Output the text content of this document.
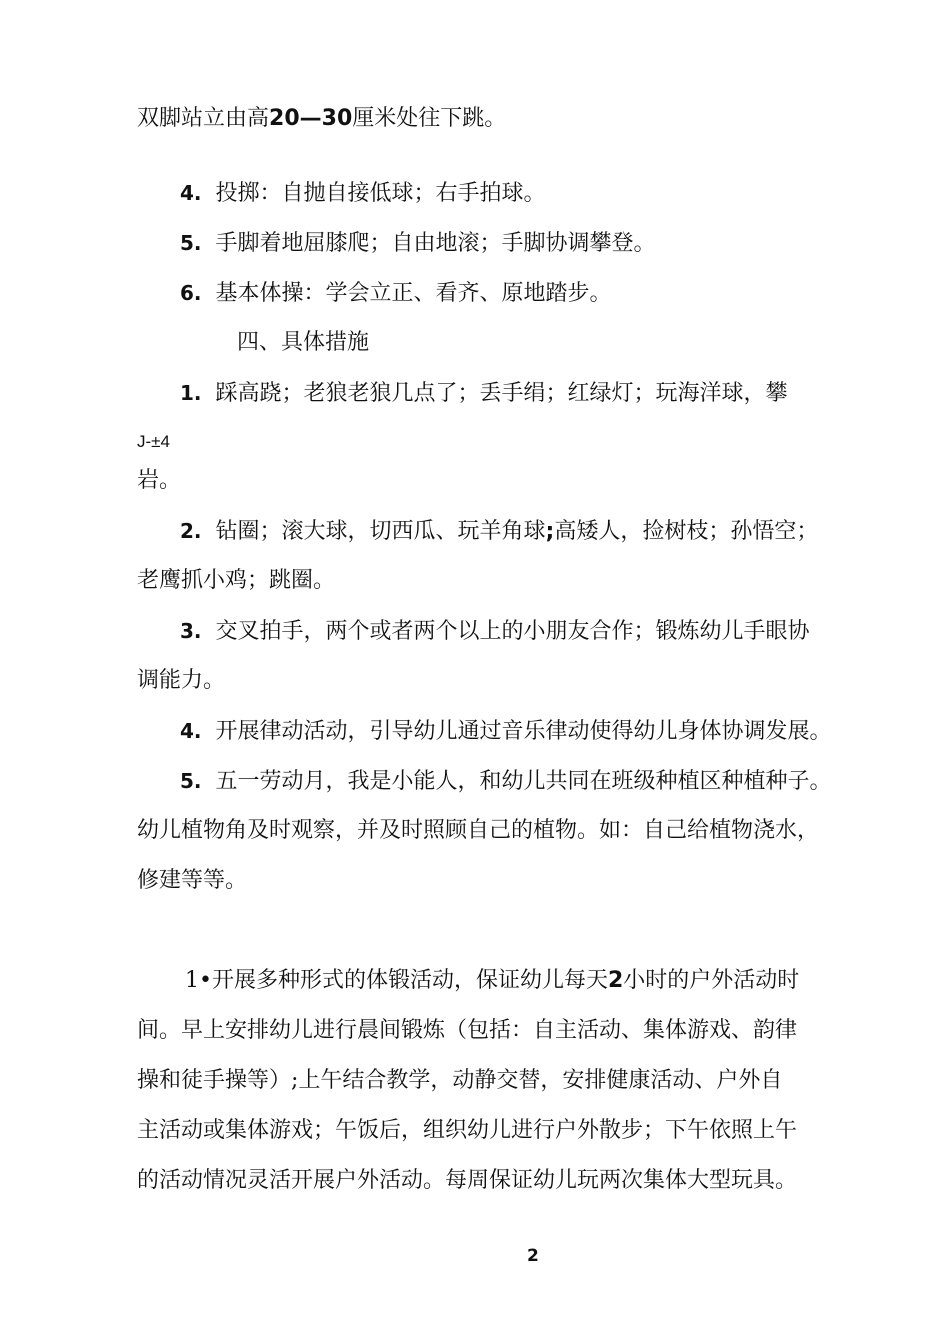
双脚站立由高20—30厘米处往下跳。
4. 投掷：自抛自接低球；右手拍球。
5. 手脚着地屈膝爬；自由地滚；手脚协调攀登。
6. 基本体操：学会立正、看齐、原地踏步。
四、具体措施
1. 踩高跷；老狼老狼几点了；丢手绢；红绿灯；玩海洋球，攀
J-±4
岩。
2. 钻圈；滚大球，切西瓜、玩羊角球;高矮人，捡树枝；孙悟空；
老鹰抓小鸡；跳圈。
3. 交叉拍手，两个或者两个以上的小朋友合作；锻炼幼儿手眼协
调能力。
4. 开展律动活动，引导幼儿通过音乐律动使得幼儿身体协调发展。
5. 五一劳动月，我是小能人，和幼儿共同在班级种植区种植种子。
幼儿植物角及时观察，并及时照顾自己的植物。如：自己给植物浇水，
修建等等。
1•开展多种形式的体锻活动，保证幼儿每天2小时的户外活动时
间。早上安排幼儿进行晨间锻炼（包括：自主活动、集体游戏、韵律
操和徒手操等）;上午结合教学，动静交替，安排健康活动、户外自
主活动或集体游戏；午饭后，组织幼儿进行户外散步；下午依照上午
的活动情况灵活开展户外活动。每周保证幼儿玩两次集体大型玩具。
2
